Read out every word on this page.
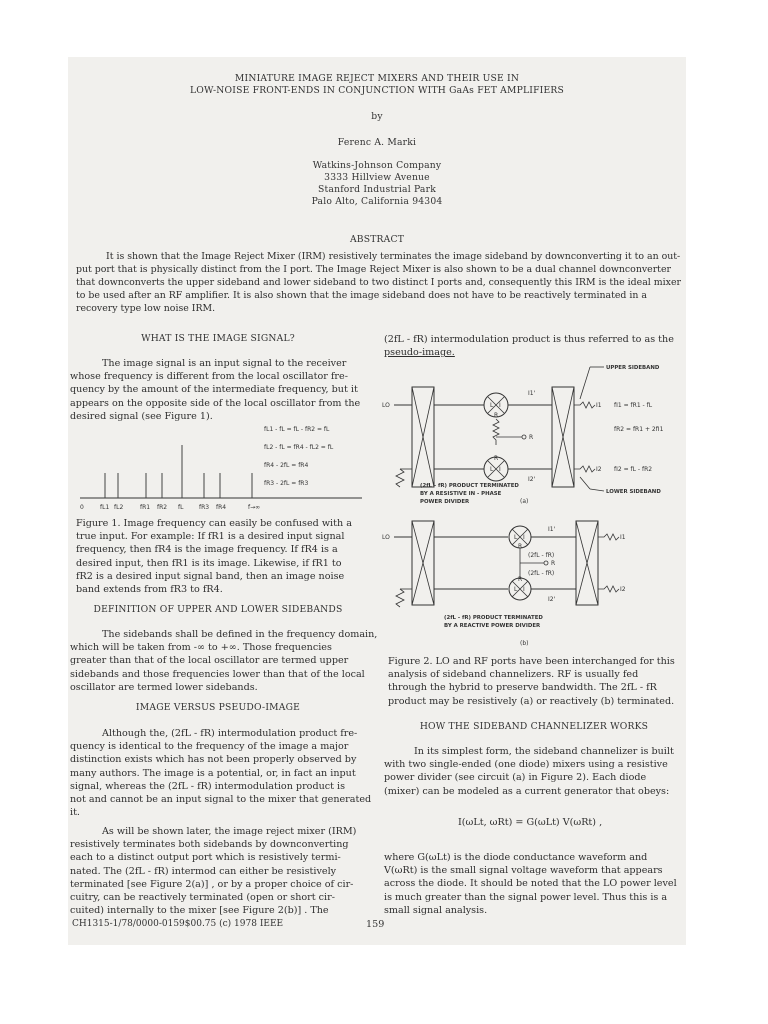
MINIATURE IMAGE REJECT MIXERS AND THEIR USE IN
LOW-NOISE FRONT-ENDS IN CONJUNCTION WITH GaAs FET AMPLIFIERS
by
Ferenc A. Marki
Watkins-Johnson Company
3333 Hillview Avenue
Stanford Industrial Park
Palo Alto, California 94304
ABSTRACT
It is shown that the Image Reject Mixer (IRM) resistively terminates the image sideband by downconverting it to an out-
put port that is physically distinct from the I port. The Image Reject Mixer is also shown to be a dual channel downconverter
that downconverts the upper sideband and lower sideband to two distinct I ports and, consequently this IRM is the ideal mixer
to be used after an RF amplifier. It is also shown that the image sideband does not have to be reactively terminated in a
recovery type low noise IRM.
WHAT IS THE IMAGE SIGNAL?
The image signal is an input signal to the receiver
whose frequency is different from the local oscillator fre-
quency by the amount of the intermediate frequency, but it
appears on the opposite side of the local oscillator from the
desired signal (see Figure 1).
0	fL1 fL2	fR1 fR2 fL	fR3 fR4	f→∞
fL1 - fL = fL - fR2 = fL
fL2 - fL = fR4 - fL2 = fL
fR4 - 2fL = fR4
fR3 - 2fL = fR3
Figure 1. Image frequency can easily be confused with a
true input. For example: If fR1 is a desired input signal
frequency, then fR4 is the image frequency. If fR4 is a
desired input, then fR1 is its image. Likewise, if fR1 to
fR2 is a desired input signal band, then an image noise
band extends from fR3 to fR4.
DEFINITION OF UPPER AND LOWER SIDEBANDS
The sidebands shall be defined in the frequency domain,
which will be taken from -∞ to +∞. Those frequencies
greater than that of the local oscillator are termed upper
sidebands and those frequencies lower than that of the local
oscillator are termed lower sidebands.
IMAGE VERSUS PSEUDO-IMAGE
Although the, (2fL - fR) intermodulation product fre-
quency is identical to the frequency of the image a major
distinction exists which has not been properly observed by
many authors. The image is a potential, or, in fact an input
signal, whereas the (2fL - fR) intermodulation product is
not and cannot be an input signal to the mixer that generated
it.
As will be shown later, the image reject mixer (IRM)
resistively terminates both sidebands by downconverting
each to a distinct output port which is resistively termi-
nated. The (2fL - fR) intermod can either be resistively
terminated [see Figure 2(a)] , or by a proper choice of cir-
cuitry, can be reactively terminated (open or short cir-
cuited) internally to the mixer [see Figure 2(b)] . The
CH1315-1/78/0000-0159$00.75 (c) 1978 IEEE	159
(2fL - fR) intermodulation product is thus referred to as the
pseudo-image.
UPPER SIDEBAND
LO	L I
R
R
L I
R
I1'
I2'
I1
I2
fI1 = fR1 - fL
fR2 = fR1 + 2fI1
fI2 = fL - fR2
LOWER SIDEBAND
(2fL - fR) PRODUCT TERMINATED
BY A RESISTIVE IN - PHASE
POWER DIVIDER	(a)
LO	L I
R
R
L I
R
(2fL - fR)
(2fL - fR)
I1'
I2'
I1
I2
(2fL - fR) PRODUCT TERMINATED
BY A REACTIVE POWER DIVIDER
(b)
Figure 2. LO and RF ports have been interchanged for this
analysis of sideband channelizers. RF is usually fed
through the hybrid to preserve bandwidth. The 2fL - fR
product may be resistively (a) or reactively (b) terminated.
HOW THE SIDEBAND CHANNELIZER WORKS
In its simplest form, the sideband channelizer is built
with two single-ended (one diode) mixers using a resistive
power divider (see circuit (a) in Figure 2). Each diode
(mixer) can be modeled as a current generator that obeys:
I(ωLt, ωRt) = G(ωLt) V(ωRt) ,
where G(ωLt) is the diode conductance waveform and
V(ωRt) is the small signal voltage waveform that appears
across the diode. It should be noted that the LO power level
is much greater than the signal power level. Thus this is a
small signal analysis.
